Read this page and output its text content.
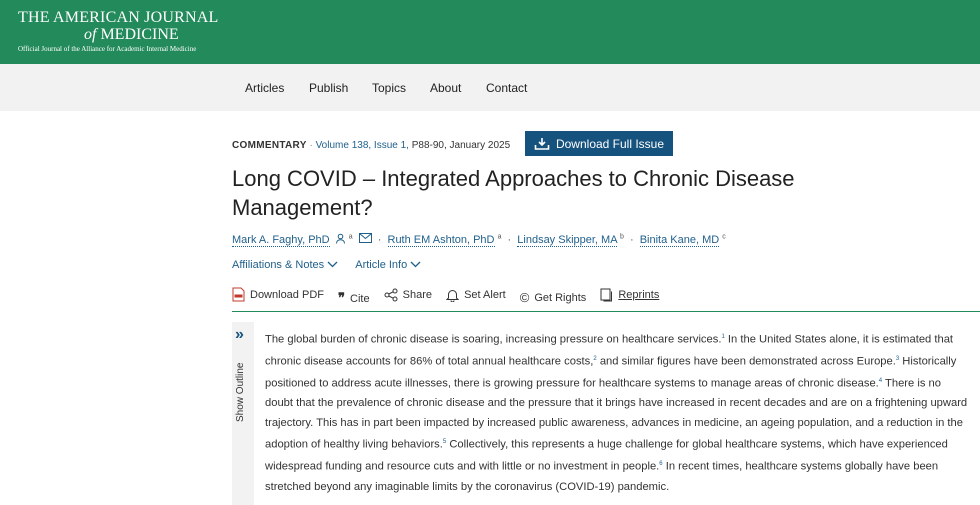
THE AMERICAN JOURNAL
of MEDICINE
Official Journal of the Alliance for Academic Internal Medicine
Articles Publish Topics About Contact
COMMENTARY · Volume 138, Issue 1, P88-90, January 2025	Download Full Issue
Long COVID – Integrated Approaches to Chronic Disease Management?
Mark A. Faghy, PhD	$^a$ · Ruth EM Ashton, PhD $^a$ · Lindsay Skipper, MA $^b$ · Binita Kane, MD $^c$
Affiliations & Notes	Article Info
Download PDF
❞ Cite
	Share
	Set Alert
© Get Rights
	Reprints
»
Show Outline
The global burden of chronic disease is soaring, increasing pressure on healthcare services.$^1$ In the United States alone, it is estimated that chronic disease accounts for 86% of total annual healthcare costs,$^2$ and similar figures have been demonstrated across Europe.$^3$ Historically positioned to address acute illnesses, there is growing pressure for healthcare systems to manage areas of chronic disease.$^4$ There is no doubt that the prevalence of chronic disease and the pressure that it brings have increased in recent decades and are on a frightening upward trajectory. This has in part been impacted by increased public awareness, advances in medicine, an ageing population, and a reduction in the adoption of healthy living behaviors.$^5$ Collectively, this represents a huge challenge for global healthcare systems, which have experienced widespread funding and resource cuts and with little or no investment in people.$^6$ In recent times, healthcare systems globally have been stretched beyond any imaginable limits by the coronavirus (COVID-19) pandemic.
